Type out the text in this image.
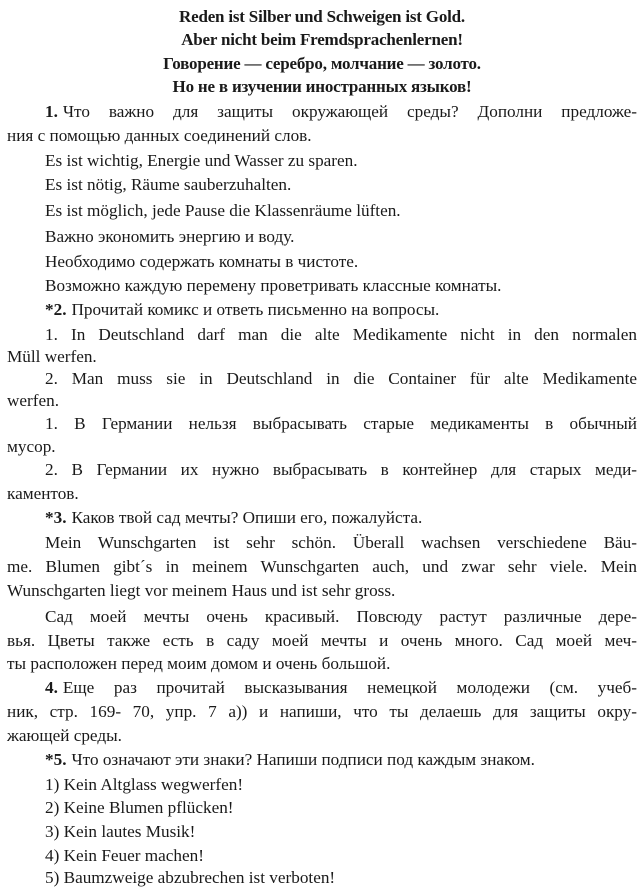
Reden ist Silber und Schweigen ist Gold.
Aber nicht beim Fremdsprachenlernen!
Говорение — серебро, молчание — золото.
Но не в изучении иностранных языков!
1. Что важно для защиты окружающей среды? Дополни предложе-
ния с помощью данных соединений слов.
Es ist wichtig, Energie und Wasser zu sparen.
Es ist nötig, Räume sauberzuhalten.
Es ist möglich, jede Pause die Klassenräume lüften.
Важно экономить энергию и воду.
Необходимо содержать комнаты в чистоте.
Возможно каждую перемену проветривать классные комнаты.
*2. Прочитай комикс и ответь письменно на вопросы.
1. In Deutschland darf man die alte Medikamente nicht in den normalen
Müll werfen.
2. Man muss sie in Deutschland in die Container für alte Medikamente
werfen.
1. В Германии нельзя выбрасывать старые медикаменты в обычный
мусор.
2. В Германии их нужно выбрасывать в контейнер для старых меди-
каментов.
*3. Каков твой сад мечты? Опиши его, пожалуйста.
Mein Wunschgarten ist sehr schön. Überall wachsen verschiedene Bäu-
me. Blumen gibt´s in meinem Wunschgarten auch, und zwar sehr viele. Mein
Wunschgarten liegt vor meinem Haus und ist sehr gross.
Сад моей мечты очень красивый. Повсюду растут различные дере-
вья. Цветы также есть в саду моей мечты и очень много. Сад моей меч-
ты расположен перед моим домом и очень большой.
4. Еще раз прочитай высказывания немецкой молодежи (см. учеб-
ник, стр. 169- 70, упр. 7 а)) и напиши, что ты делаешь для защиты окру-
жающей среды.
*5. Что означают эти знаки? Напиши подписи под каждым знаком.
1) Kein Altglass wegwerfen!
2) Keine Blumen pflücken!
3) Kein lautes Musik!
4) Kein Feuer machen!
5) Baumzweige abzubrechen ist verboten!
